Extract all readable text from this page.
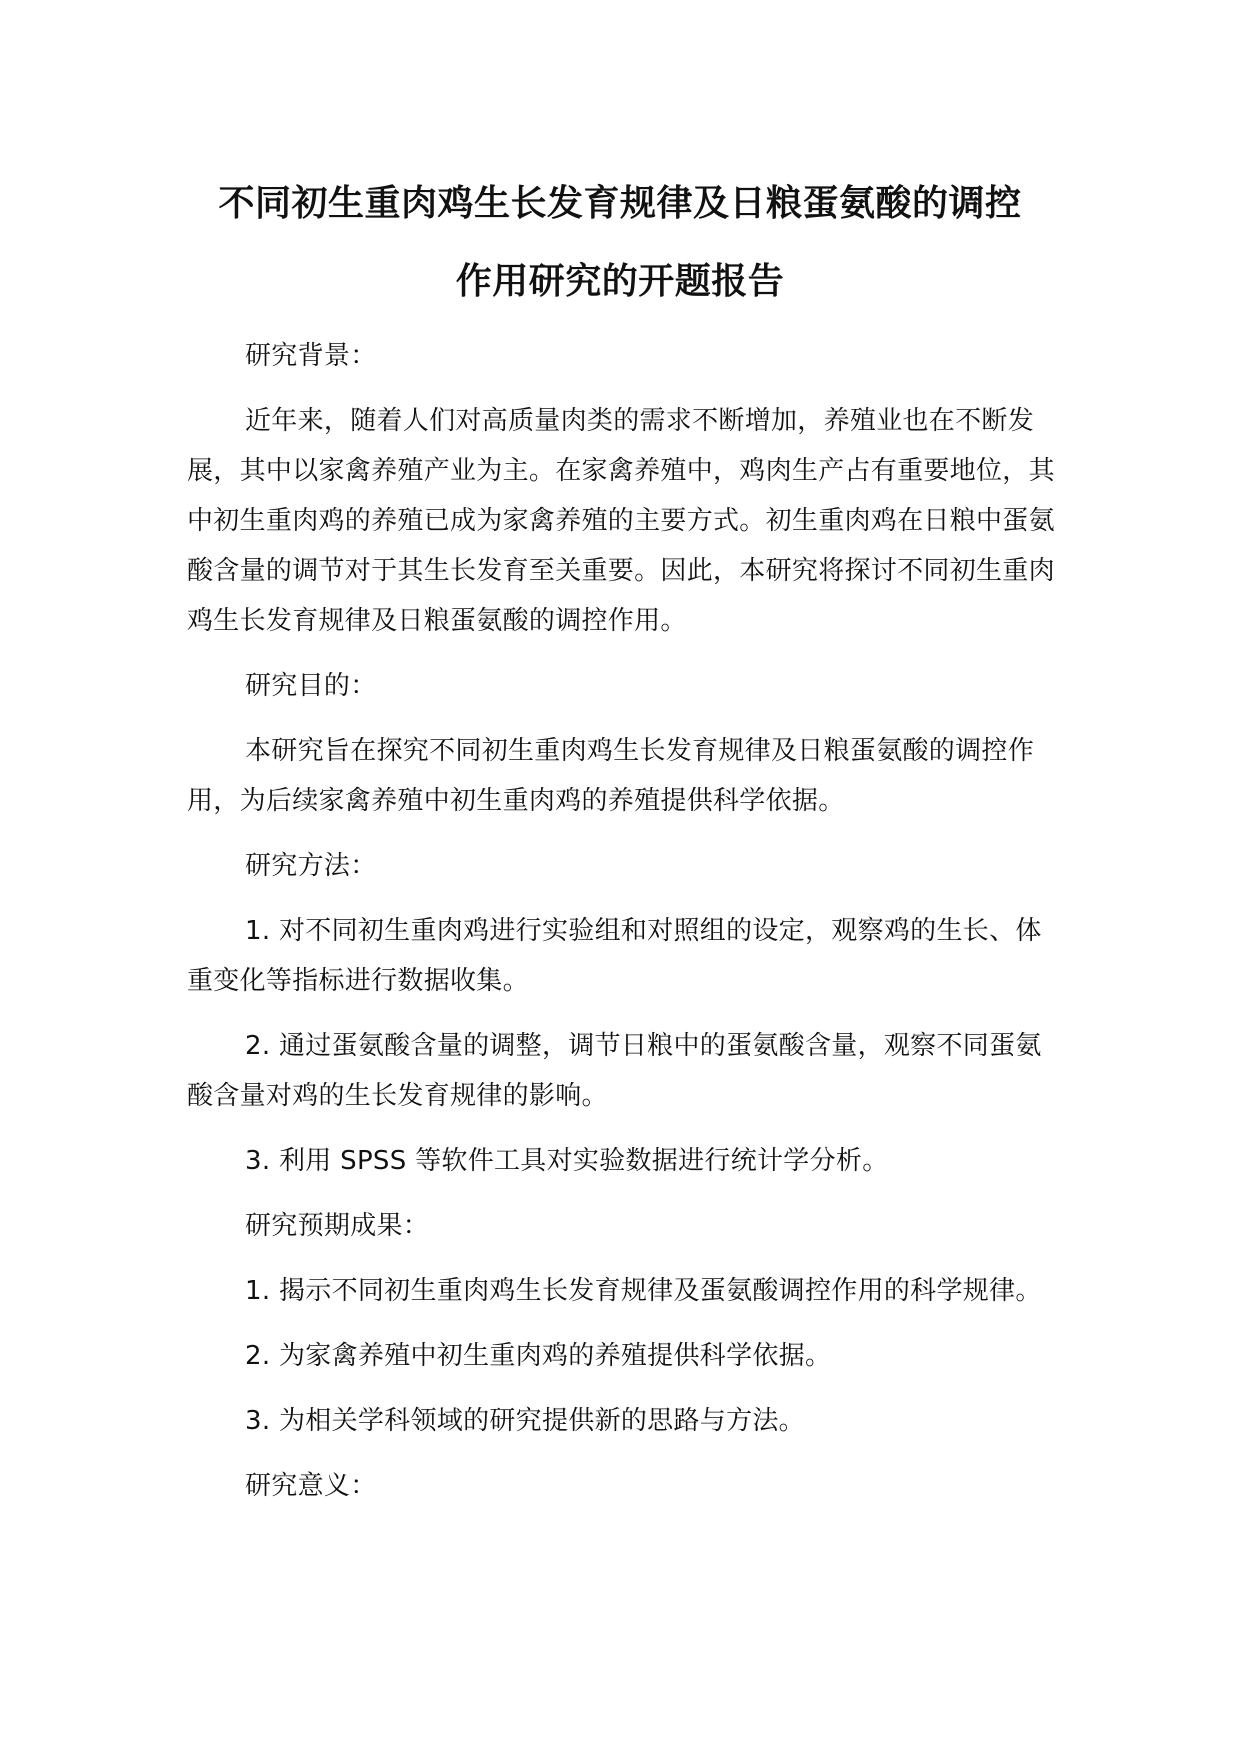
不同初生重肉鸡生长发育规律及日粮蛋氨酸的调控
作用研究的开题报告

研究背景：

近年来，随着人们对高质量肉类的需求不断增加，养殖业也在不断发展，其中以家禽养殖产业为主。在家禽养殖中，鸡肉生产占有重要地位，其中初生重肉鸡的养殖已成为家禽养殖的主要方式。初生重肉鸡在日粮中蛋氨酸含量的调节对于其生长发育至关重要。因此，本研究将探讨不同初生重肉鸡生长发育规律及日粮蛋氨酸的调控作用。

研究目的：

本研究旨在探究不同初生重肉鸡生长发育规律及日粮蛋氨酸的调控作用，为后续家禽养殖中初生重肉鸡的养殖提供科学依据。

研究方法：

1. 对不同初生重肉鸡进行实验组和对照组的设定，观察鸡的生长、体重变化等指标进行数据收集。

2. 通过蛋氨酸含量的调整，调节日粮中的蛋氨酸含量，观察不同蛋氨酸含量对鸡的生长发育规律的影响。

3. 利用 SPSS 等软件工具对实验数据进行统计学分析。

研究预期成果：

1. 揭示不同初生重肉鸡生长发育规律及蛋氨酸调控作用的科学规律。

2. 为家禽养殖中初生重肉鸡的养殖提供科学依据。

3. 为相关学科领域的研究提供新的思路与方法。

研究意义：
